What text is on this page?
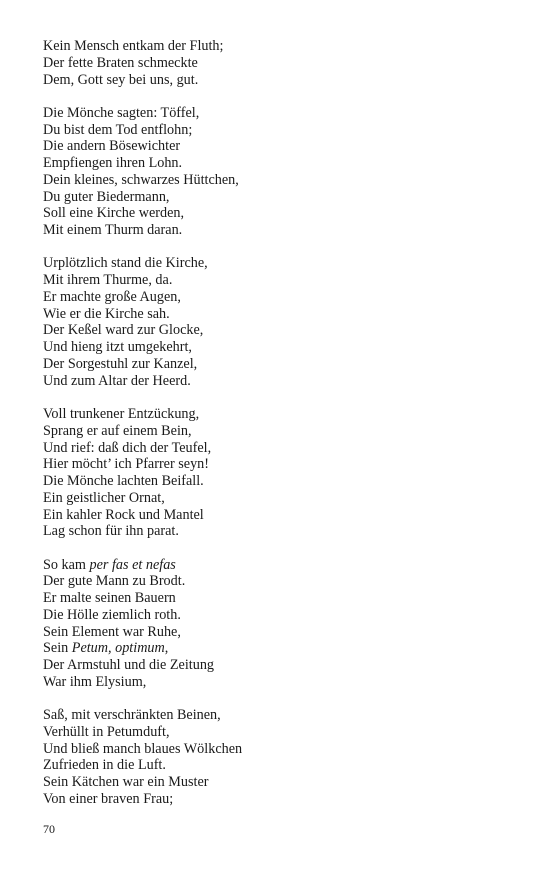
Kein Mensch entkam der Fluth;
Der fette Braten schmeckte
Dem, Gott sey bei uns, gut.
Die Mönche sagten: Töffel,
Du bist dem Tod entflohn;
Die andern Bösewichter
Empfiengen ihren Lohn.
Dein kleines, schwarzes Hüttchen,
Du guter Biedermann,
Soll eine Kirche werden,
Mit einem Thurm daran.
Urplötzlich stand die Kirche,
Mit ihrem Thurme, da.
Er machte große Augen,
Wie er die Kirche sah.
Der Keßel ward zur Glocke,
Und hieng itzt umgekehrt,
Der Sorgestuhl zur Kanzel,
Und zum Altar der Heerd.
Voll trunkener Entzückung,
Sprang er auf einem Bein,
Und rief: daß dich der Teufel,
Hier möcht’ ich Pfarrer seyn!
Die Mönche lachten Beifall.
Ein geistlicher Ornat,
Ein kahler Rock und Mantel
Lag schon für ihn parat.
So kam per fas et nefas
Der gute Mann zu Brodt.
Er malte seinen Bauern
Die Hölle ziemlich roth.
Sein Element war Ruhe,
Sein Petum, optimum,
Der Armstuhl und die Zeitung
War ihm Elysium,
Saß, mit verschränkten Beinen,
Verhüllt in Petumduft,
Und bließ manch blaues Wölkchen
Zufrieden in die Luft.
Sein Kätchen war ein Muster
Von einer braven Frau;
70
